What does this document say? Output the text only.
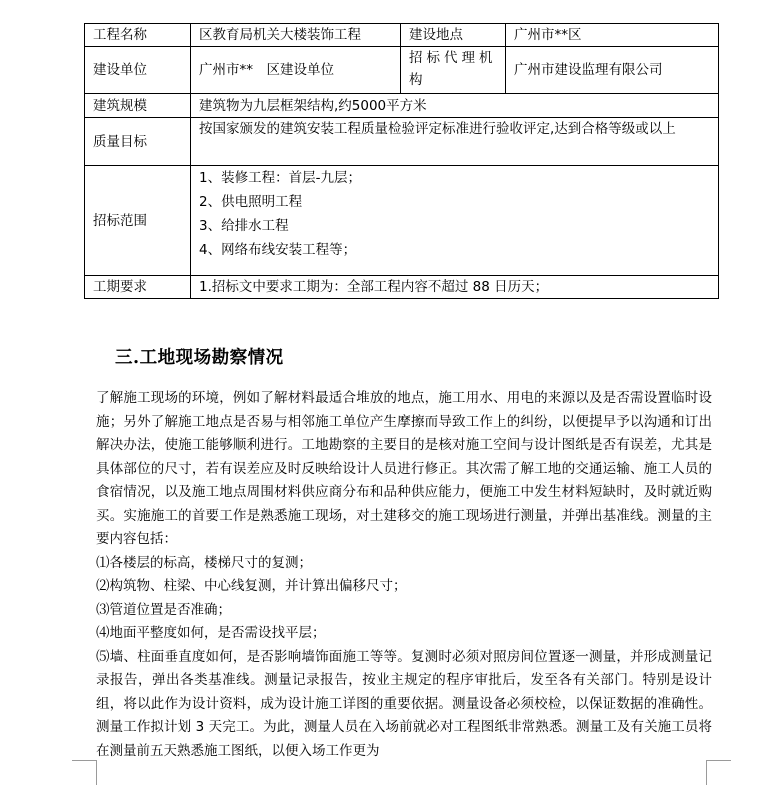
工程名称	区教育局机关大楼装饰工程	建设地点	广州市**区
建设单位	广州市**　区建设单位	招标代理机构	广州市建设监理有限公司
建筑规模	建筑物为九层框架结构,约5000平方米		
质量目标	按国家颁发的建筑安装工程质量检验评定标准进行验收评定,达到合格等级或以上		
招标范围	1、装修工程：首层-九层；
2、供电照明工程
3、给排水工程
4、网络布线安装工程等；		

工期要求	1.招标文中要求工期为：全部工程内容不超过 88 日历天；		
三.工地现场勘察情况

了解施工现场的环境，例如了解材料最适合堆放的地点，施工用水、用电的来源以及是否需设置临时设施；另外了解施工地点是否易与相邻施工单位产生摩擦而导致工作上的纠纷，以便提早予以沟通和订出解决办法，使施工能够顺利进行。工地勘察的主要目的是核对施工空间与设计图纸是否有误差，尤其是具体部位的尺寸，若有误差应及时反映给设计人员进行修正。其次需了解工地的交通运输、施工人员的食宿情况，以及施工地点周围材料供应商分布和品种供应能力，便施工中发生材料短缺时，及时就近购买。实施施工的首要工作是熟悉施工现场，对土建移交的施工现场进行测量，并弹出基准线。测量的主要内容包括：

⑴各楼层的标高，楼梯尺寸的复测；

⑵构筑物、柱梁、中心线复测，并计算出偏移尺寸；

⑶管道位置是否准确；

⑷地面平整度如何，是否需设找平层；

⑸墙、柱面垂直度如何，是否影响墙饰面施工等等。复测时必须对照房间位置逐一测量，并形成测量记录报告，弹出各类基准线。测量记录报告，按业主规定的程序审批后，发至各有关部门。特别是设计组，将以此作为设计资料，成为设计施工详图的重要依据。测量设备必须校检，以保证数据的准确性。测量工作拟计划 3 天完工。为此，测量人员在入场前就必对工程图纸非常熟悉。测量工及有关施工员将在测量前五天熟悉施工图纸，以便入场工作更为
